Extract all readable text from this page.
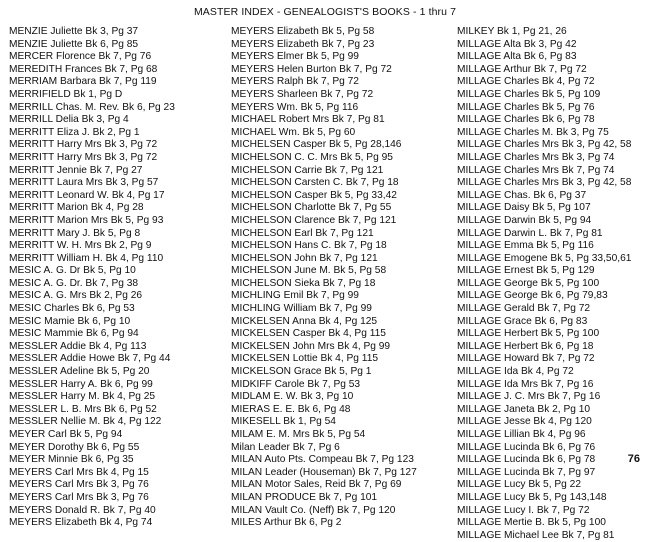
MASTER INDEX - GENEALOGIST'S BOOKS - 1 thru 7
MENZIE Juliette Bk 3, Pg 37
MENZIE Juliette Bk 6, Pg 85
MERCER Florence Bk 7, Pg 76
MEREDITH Frances Bk 7, Pg 68
MERRIAM Barbara Bk 7, Pg 119
MERRIFIELD Bk 1, Pg D
MERRILL Chas. M. Rev. Bk 6, Pg 23
MERRILL Delia Bk 3, Pg 4
MERRITT Eliza J. Bk 2, Pg 1
MERRITT Harry Mrs Bk 3, Pg 72
MERRITT Harry Mrs Bk 3, Pg 72
MERRITT Jennie Bk 7, Pg 27
MERRITT Laura Mrs Bk 3, Pg 57
MERRITT Leonard W. Bk 4, Pg 17
MERRITT Marion Bk 4, Pg 28
MERRITT Marion Mrs Bk 5, Pg 93
MERRITT Mary J. Bk 5, Pg 8
MERRITT W. H. Mrs Bk 2, Pg 9
MERRITT William H. Bk 4, Pg 110
MESIC A. G. Dr Bk 5, Pg 10
MESIC A. G. Dr. Bk 7, Pg 38
MESIC A. G. Mrs Bk 2, Pg 26
MESIC Charles Bk 6, Pg 53
MESIC Mamie Bk 6, Pg 10
MESIC Mammie Bk 6, Pg 94
MESSLER Addie Bk 4, Pg 113
MESSLER Addie Howe Bk 7, Pg 44
MESSLER Adeline Bk 5, Pg 20
MESSLER Harry A. Bk 6, Pg 99
MESSLER Harry M. Bk 4, Pg 25
MESSLER L. B. Mrs Bk 6, Pg 52
MESSLER Nellie M. Bk 4, Pg 122
MEYER Carl Bk 5, Pg 94
MEYER Dorothy Bk 6, Pg 55
MEYER Minnie Bk 6, Pg 35
MEYERS Carl Mrs Bk 4, Pg 15
MEYERS Carl Mrs Bk 3, Pg 76
MEYERS Carl Mrs Bk 3, Pg 76
MEYERS Donald R. Bk 7, Pg 40
MEYERS Elizabeth Bk 4, Pg 74
MEYERS Elizabeth Bk 5, Pg 58
MEYERS Elizabeth Bk 7, Pg 23
MEYERS Elmer Bk 5, Pg 99
MEYERS Helen Burton Bk 7, Pg 72
MEYERS Ralph Bk 7, Pg 72
MEYERS Sharleen Bk 7, Pg 72
MEYERS Wm. Bk 5, Pg 116
MICHAEL Robert Mrs Bk 7, Pg 81
MICHAEL Wm. Bk 5, Pg 60
MICHELSEN Casper Bk 5, Pg 28,146
MICHELSON C. C. Mrs Bk 5, Pg 95
MICHELSON Carrie Bk 7, Pg 121
MICHELSON Carsten C. Bk 7, Pg 18
MICHELSON Casper Bk 5, Pg 33,42
MICHELSON Charlotte Bk 7, Pg 55
MICHELSON Clarence Bk 7, Pg 121
MICHELSON Earl Bk 7, Pg 121
MICHELSON Hans C. Bk 7, Pg 18
MICHELSON John Bk 7, Pg 121
MICHELSON June M. Bk 5, Pg 58
MICHELSON Sieka Bk 7, Pg 18
MICHLING Emil Bk 7, Pg 99
MICHLING William Bk 7, Pg 99
MICKELSEN Anna Bk 4, Pg 125
MICKELSEN Casper Bk 4, Pg 115
MICKELSEN John Mrs Bk 4, Pg 99
MICKELSEN Lottie Bk 4, Pg 115
MICKELSON Grace Bk 5, Pg 1
MIDKIFF Carole Bk 7, Pg 53
MIDLAM E. W. Bk 3, Pg 10
MIERAS E. E. Bk 6, Pg 48
MIKESELL Bk 1, Pg 54
MILAM E. M. Mrs Bk 5, Pg 54
Milan Leader Bk 7, Pg 6
MILAN Auto Pts. Compeau Bk 7, Pg 123
MILAN Leader (Houseman) Bk 7, Pg 127
MILAN Motor Sales, Reid Bk 7, Pg 69
MILAN PRODUCE Bk 7, Pg 101
MILAN Vault Co. (Neff) Bk 7, Pg 120
MILES Arthur Bk 6, Pg 2
MILKEY Bk 1, Pg 21, 26
MILLAGE Alta Bk 3, Pg 42
MILLAGE Alta Bk 6, Pg 83
MILLAGE Arthur Bk 7, Pg 72
MILLAGE Charles Bk 4, Pg 72
MILLAGE Charles Bk 5, Pg 109
MILLAGE Charles Bk 5, Pg 76
MILLAGE Charles Bk 6, Pg 78
MILLAGE Charles M. Bk 3, Pg 75
MILLAGE Charles Mrs Bk 3, Pg 42, 58
MILLAGE Charles Mrs Bk 3, Pg 74
MILLAGE Charles Mrs Bk 7, Pg 74
MILLAGE Charles Mrs Bk 3, Pg 42, 58
MILLAGE Chas. Bk 6, Pg 37
MILLAGE Daisy Bk 5, Pg 107
MILLAGE Darwin Bk 5, Pg 94
MILLAGE Darwin L. Bk 7, Pg 81
MILLAGE Emma Bk 5, Pg 116
MILLAGE Emogene Bk 5, Pg 33,50,61
MILLAGE Ernest Bk 5, Pg 129
MILLAGE George Bk 5, Pg 100
MILLAGE George Bk 6, Pg 79,83
MILLAGE Gerald Bk 7, Pg 72
MILLAGE Grace Bk 6, Pg 83
MILLAGE Herbert Bk 5, Pg 100
MILLAGE Herbert Bk 6, Pg 18
MILLAGE Howard Bk 7, Pg 72
MILLAGE Ida Bk 4, Pg 72
MILLAGE Ida Mrs Bk 7, Pg 16
MILLAGE J. C. Mrs Bk 7, Pg 16
MILLAGE Janeta Bk 2, Pg 10
MILLAGE Jesse Bk 4, Pg 120
MILLAGE Lillian Bk 4, Pg 96
MILLAGE Lucinda Bk 6, Pg 76
MILLAGE Lucinda Bk 6, Pg 78
MILLAGE Lucinda Bk 7, Pg 97
MILLAGE Lucy Bk 5, Pg 22
MILLAGE Lucy Bk 5, Pg 143,148
MILLAGE Lucy I. Bk 7, Pg 72
MILLAGE Mertie B. Bk 5, Pg 100
MILLAGE Michael Lee Bk 7, Pg 81
76
